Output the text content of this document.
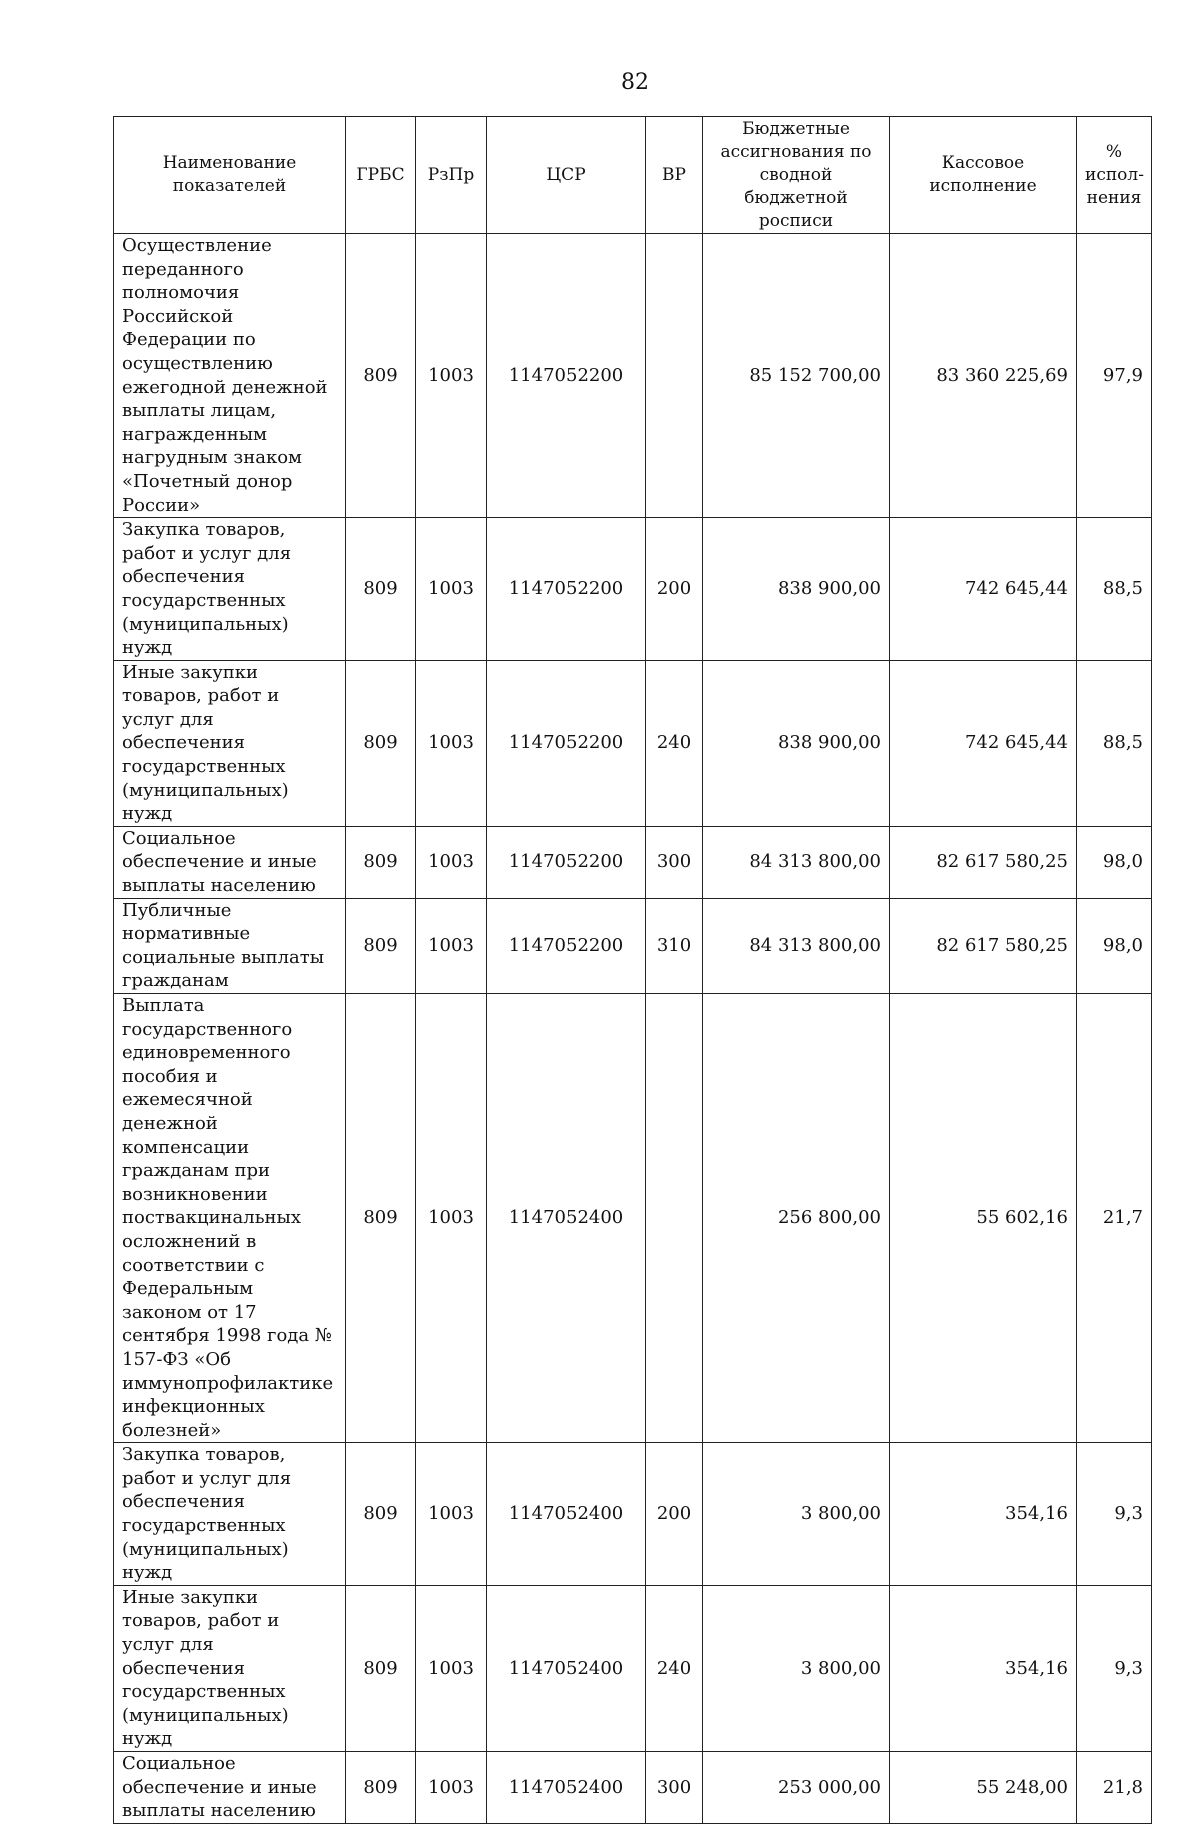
82
Наименование показателей	ГРБС	РзПр	ЦСР	ВР	Бюджетные ассигнования по сводной бюджетной росписи	Кассовое исполнение	% испол-нения
Осуществление переданного полномочия Российской Федерации по осуществлению ежегодной денежной выплаты лицам, награжденным нагрудным знаком «Почетный донор России»	809	1003	1147052200		85 152 700,00	83 360 225,69	97,9
Закупка товаров, работ и услуг для обеспечения государственных (муниципальных) нужд	809	1003	1147052200	200	838 900,00	742 645,44	88,5
Иные закупки товаров, работ и услуг для обеспечения государственных (муниципальных) нужд	809	1003	1147052200	240	838 900,00	742 645,44	88,5
Социальное обеспечение и иные выплаты населению	809	1003	1147052200	300	84 313 800,00	82 617 580,25	98,0
Публичные нормативные социальные выплаты гражданам	809	1003	1147052200	310	84 313 800,00	82 617 580,25	98,0
Выплата государственного единовременного пособия и ежемесячной денежной компенсации гражданам при возникновении поствакцинальных осложнений в соответствии с Федеральным законом от 17 сентября 1998 года № 157-ФЗ «Об иммунопрофилактике инфекционных болезней»	809	1003	1147052400		256 800,00	55 602,16	21,7
Закупка товаров, работ и услуг для обеспечения государственных (муниципальных) нужд	809	1003	1147052400	200	3 800,00	354,16	9,3
Иные закупки товаров, работ и услуг для обеспечения государственных (муниципальных) нужд	809	1003	1147052400	240	3 800,00	354,16	9,3
Социальное обеспечение и иные выплаты населению	809	1003	1147052400	300	253 000,00	55 248,00	21,8
